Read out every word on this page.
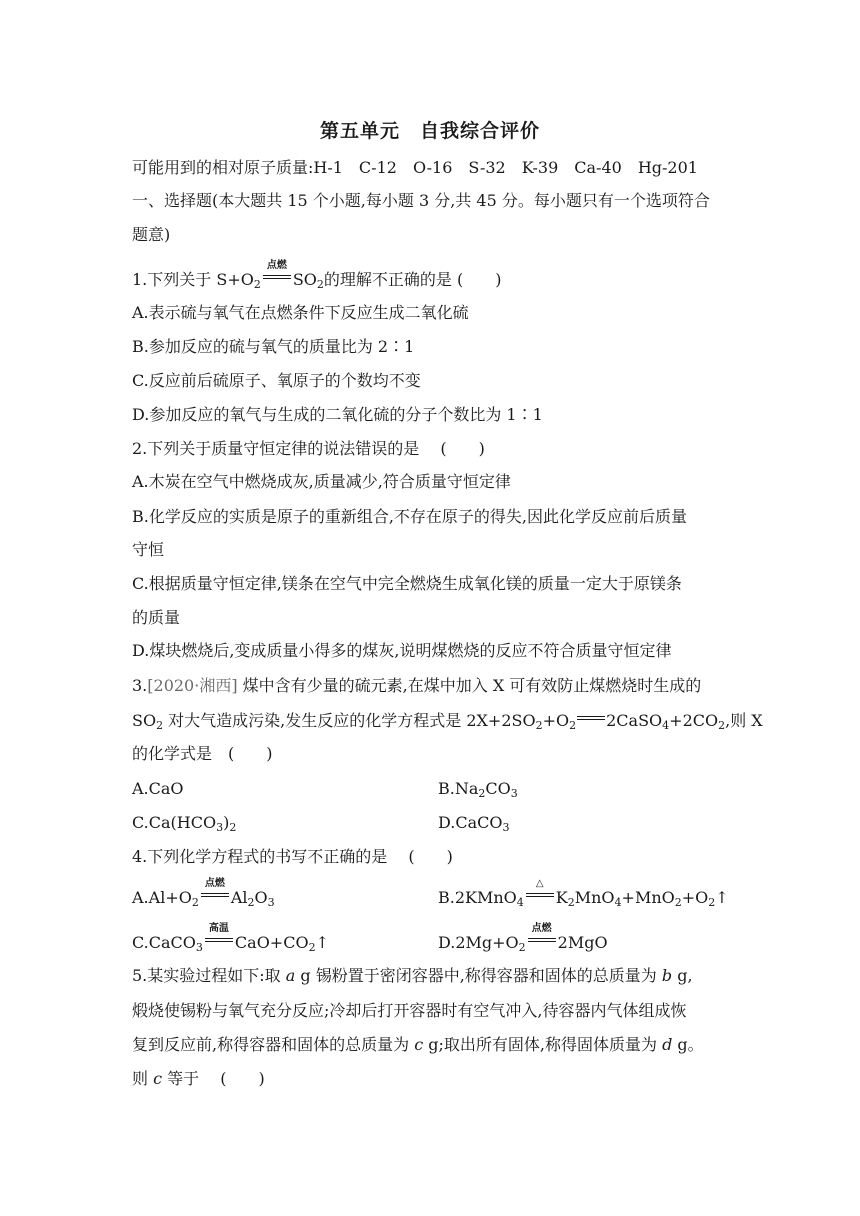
第五单元　自我综合评价
可能用到的相对原子质量:H-1　C-12　O-16　S-32　K-39　Ca-40　Hg-201
一、选择题(本大题共 15 个小题,每小题 3 分,共 45 分。每小题只有一个选项符合
题意)
1.下列关于 $S+O_2$
点燃
$SO_2$的理解不正确的是 (　　)
A.表示硫与氧气在点燃条件下反应生成二氧化硫
B.参加反应的硫与氧气的质量比为 2∶1
C.反应前后硫原子、氧原子的个数均不变
D.参加反应的氧气与生成的二氧化硫的分子个数比为 1∶1
2.下列关于质量守恒定律的说法错误的是　 (　　)
A.木炭在空气中燃烧成灰,质量减少,符合质量守恒定律
B.化学反应的实质是原子的重新组合,不存在原子的得失,因此化学反应前后质量
守恒
C.根据质量守恒定律,镁条在空气中完全燃烧生成氧化镁的质量一定大于原镁条
的质量
D.煤块燃烧后,变成质量小得多的煤灰,说明煤燃烧的反应不符合质量守恒定律
3.[2020·湘西] 煤中含有少量的硫元素,在煤中加入 X 可有效防止煤燃烧时生成的
$SO_2$ 对大气造成污染,发生反应的化学方程式是 $2X+2SO_2+O_2$ $2CaSO_4+2CO_2$,则 X
的化学式是　(　　)
A.CaO	$B.Na_2CO_3$
$C.Ca(HCO_3)_2$	D.CaCO$_3$
4.下列化学方程式的书写不正确的是　 (　　)
$A.Al+O_2$
点燃
$Al_2O_3$	B.2KMnO$_4$
△
$K_2MnO_4+MnO_2+O_2↑$
C.CaCO$_3$
高温
$CaO+CO_2↑$	$D.2Mg+O_2$
点燃
2MgO
5.某实验过程如下:取 a g 锡粉置于密闭容器中,称得容器和固体的总质量为 b g,
煅烧使锡粉与氧气充分反应;冷却后打开容器时有空气冲入,待容器内气体组成恢
复到反应前,称得容器和固体的总质量为 c g;取出所有固体,称得固体质量为 d g。
则 c 等于　 (　　)
